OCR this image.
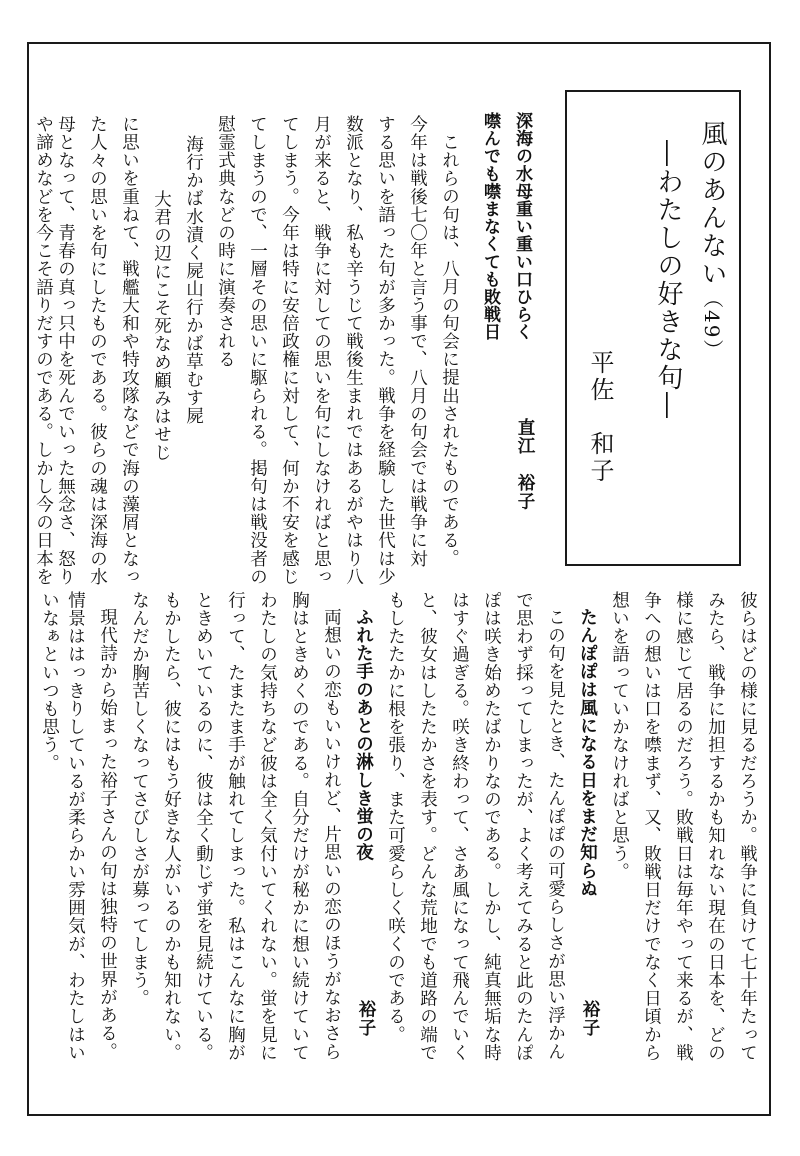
風のあんない（49）
―わたしの好きな句―
平佐　和子
深海の水母重い重い口ひらく
噤んでも噤まなくても敗戦日
直江　裕子
これらの句は、八月の句会に提出されたものである。
今年は戦後七〇年と言う事で、八月の句会では戦争に対
する思いを語った句が多かった。戦争を経験した世代は少
数派となり、私も辛うじて戦後生まれではあるがやはり八
月が来ると、戦争に対しての思いを句にしなければと思っ
てしまう。今年は特に安倍政権に対して、何か不安を感じ
てしまうので、一層その思いに駆られる。掲句は戦没者の
慰霊式典などの時に演奏される
海行かば水漬く屍山行かば草むす屍
大君の辺にこそ死なめ顧みはせじ
に思いを重ねて、戦艦大和や特攻隊などで海の藻屑となっ
た人々の思いを句にしたものである。彼らの魂は深海の水
母となって、青春の真っ只中を死んでいった無念さ、怒り
や諦めなどを今こそ語りだすのである。しかし今の日本を
彼らはどの様に見るだろうか。戦争に負けて七十年たって
みたら、戦争に加担するかも知れない現在の日本を、どの
様に感じて居るのだろう。敗戦日は毎年やって来るが、戦
争への想いは口を噤まず、又、敗戦日だけでなく日頃から
想いを語っていかなければと思う。
たんぽぽは風になる日をまだ知らぬ
裕子
この句を見たとき、たんぽぽの可愛らしさが思い浮かん
で思わず採ってしまったが、よく考えてみると此のたんぽ
ぽは咲き始めたばかりなのである。しかし、純真無垢な時
はすぐ過ぎる。咲き終わって、さあ風になって飛んでいく
と、彼女はしたたかさを表す。どんな荒地でも道路の端で
もしたたかに根を張り、また可愛らしく咲くのである。
ふれた手のあとの淋しき蛍の夜
裕子
両想いの恋もいいけれど、片思いの恋のほうがなおさら
胸はときめくのである。自分だけが秘かに想い続けていて
わたしの気持ちなど彼は全く気付いてくれない。蛍を見に
行って、たまたま手が触れてしまった。私はこんなに胸が
ときめいているのに、彼は全く動じず蛍を見続けている。
もかしたら、彼にはもう好きな人がいるのかも知れない。
なんだか胸苦しくなってさびしさが募ってしまう。
現代詩から始まった裕子さんの句は独特の世界がある。
情景ははっきりしているが柔らかい雰囲気が、わたしはい
いなぁといつも思う。
